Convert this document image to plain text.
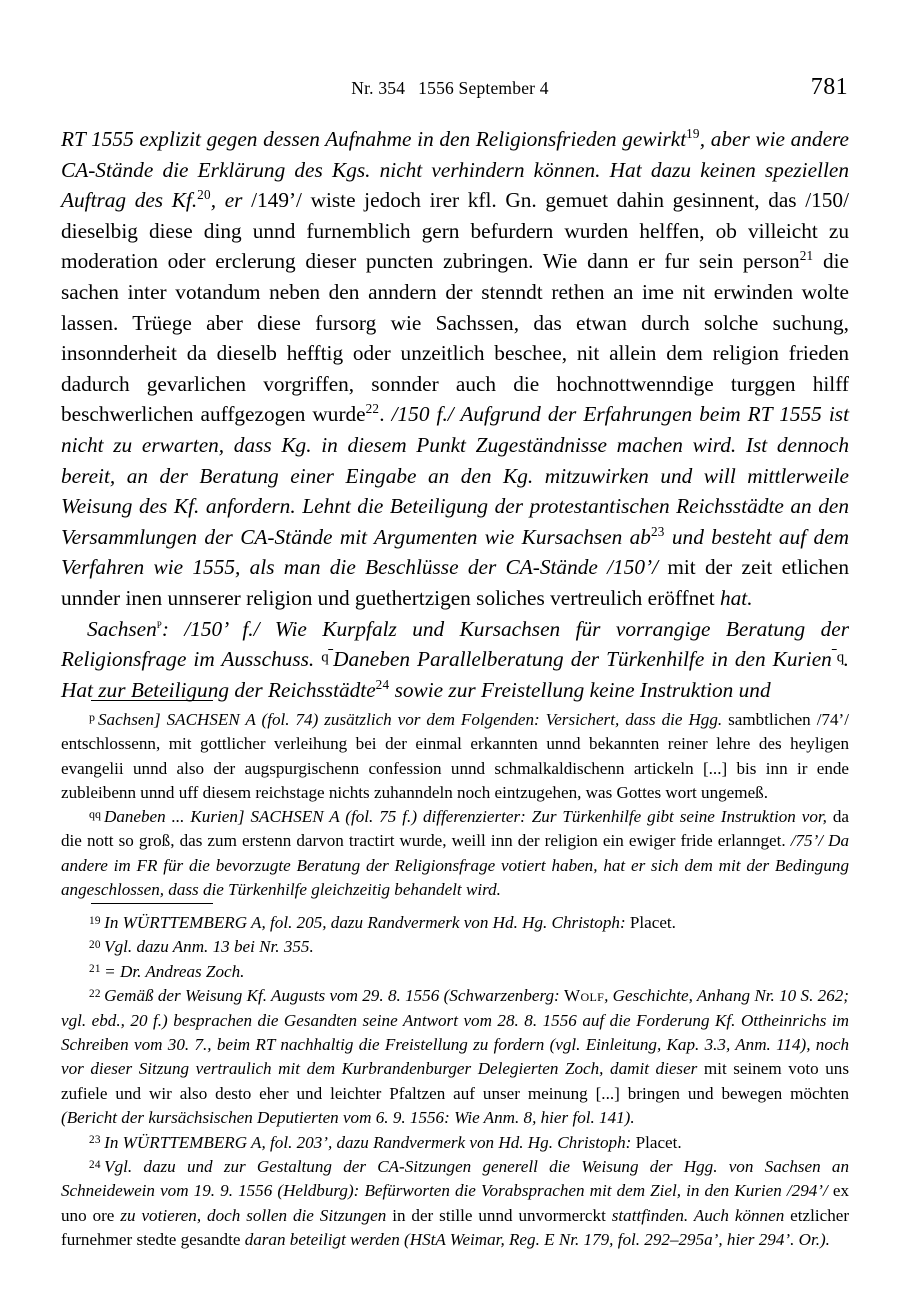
Nr. 354 1556 September 4	781

RT 1555 explizit gegen dessen Aufnahme in den Religionsfrieden gewirkt$^{19}$, aber wie andere CA-Stände die Erklärung des Kgs. nicht verhindern können. Hat dazu keinen speziellen Auftrag des Kf.$^{20}$, er /149’/ wiste jedoch irer kfl. Gn. gemuet dahin gesinnent, das /150/ dieselbig diese ding unnd furnemblich gern befurdern wurden helffen, ob villeicht zu moderation oder erclerung dieser puncten zubringen. Wie dann er fur sein person$^{21}$ die sachen inter votandum neben den anndern der stenndt rethen an ime nit erwinden wolte lassen. Trüege aber diese fursorg wie Sachssen, das etwan durch solche suchung, insonnderheit da dieselb hefftig oder unzeitlich beschee, nit allein dem religion frieden dadurch gevarlichen vorgriffen, sonnder auch die hochnottwenndige turggen hilff beschwerlichen auffgezogen wurde$^{22}$. /150 f./ Aufgrund der Erfahrungen beim RT 1555 ist nicht zu erwarten, dass Kg. in diesem Punkt Zugeständnisse machen wird. Ist dennoch bereit, an der Beratung einer Eingabe an den Kg. mitzuwirken und will mittlerweile Weisung des Kf. anfordern. Lehnt die Beteiligung der protestantischen Reichsstädte an den Versammlungen der CA-Stände mit Argumenten wie Kursachsen ab$^{23}$ und besteht auf dem Verfahren wie 1555, als man die Beschlüsse der CA-Stände /150’/ mit der zeit etlichen unnder inen unnserer religion und guethertzigen soliches vertreulich eröffnet hat.

Sachsen$^p$: /150’ f./ Wie Kurpfalz und Kursachsen für vorrangige Beratung der Religionsfrage im Ausschuss. $^q$ Daneben Parallelberatung der Türkenhilfe in den Kurien $^q$. Hat zur Beteiligung der Reichsstädte$^{24}$ sowie zur Freistellung keine Instruktion und

$^p$ Sachsen] SACHSEN A (fol. 74) zusätzlich vor dem Folgenden: Versichert, dass die Hgg. sambtlichen /74’/ entschlossenn, mit gottlicher verleihung bei der einmal erkannten unnd bekannten reiner lehre des heyligen evangelii unnd also der augspurgischenn confession unnd schmalkaldischenn artickeln [...] bis inn ir ende zubleibenn unnd uff diesem reichstage nichts zuhanndeln noch eintzugehen, was Gottes wort ungemeß.

$^{qq}$ Daneben ... Kurien] SACHSEN A (fol. 75 f.) differenzierter: Zur Türkenhilfe gibt seine Instruktion vor, da die nott so groß, das zum erstenn darvon tractirt wurde, weill inn der religion ein ewiger fride erlannget. /75’/ Da andere im FR für die bevorzugte Beratung der Religionsfrage votiert haben, hat er sich dem mit der Bedingung angeschlossen, dass die Türkenhilfe gleichzeitig behandelt wird.

$^{19}$ In WÜRTTEMBERG A, fol. 205, dazu Randvermerk von Hd. Hg. Christoph: Placet.

$^{20}$ Vgl. dazu Anm. 13 bei Nr. 355.

$^{21}$ = Dr. Andreas Zoch.

$^{22}$ Gemäß der Weisung Kf. Augusts vom 29. 8. 1556 (Schwarzenberg: Wolf, Geschichte, Anhang Nr. 10 S. 262; vgl. ebd., 20 f.) besprachen die Gesandten seine Antwort vom 28. 8. 1556 auf die Forderung Kf. Ottheinrichs im Schreiben vom 30. 7., beim RT nachhaltig die Freistellung zu fordern (vgl. Einleitung, Kap. 3.3, Anm. 114), noch vor dieser Sitzung vertraulich mit dem Kurbrandenburger Delegierten Zoch, damit dieser mit seinem voto uns zufiele und wir also desto eher und leichter Pfaltzen auf unser meinung [...] bringen und bewegen möchten (Bericht der kursächsischen Deputierten vom 6. 9. 1556: Wie Anm. 8, hier fol. 141).

$^{23}$ In WÜRTTEMBERG A, fol. 203’, dazu Randvermerk von Hd. Hg. Christoph: Placet.

$^{24}$ Vgl. dazu und zur Gestaltung der CA-Sitzungen generell die Weisung der Hgg. von Sachsen an Schneidewein vom 19. 9. 1556 (Heldburg): Befürworten die Vorabsprachen mit dem Ziel, in den Kurien /294’/ ex uno ore zu votieren, doch sollen die Sitzungen in der stille unnd unvormerckt stattfinden. Auch können etzlicher furnehmer stedte gesandte daran beteiligt werden (HStA Weimar, Reg. E Nr. 179, fol. 292–295a’, hier 294’. Or.).
